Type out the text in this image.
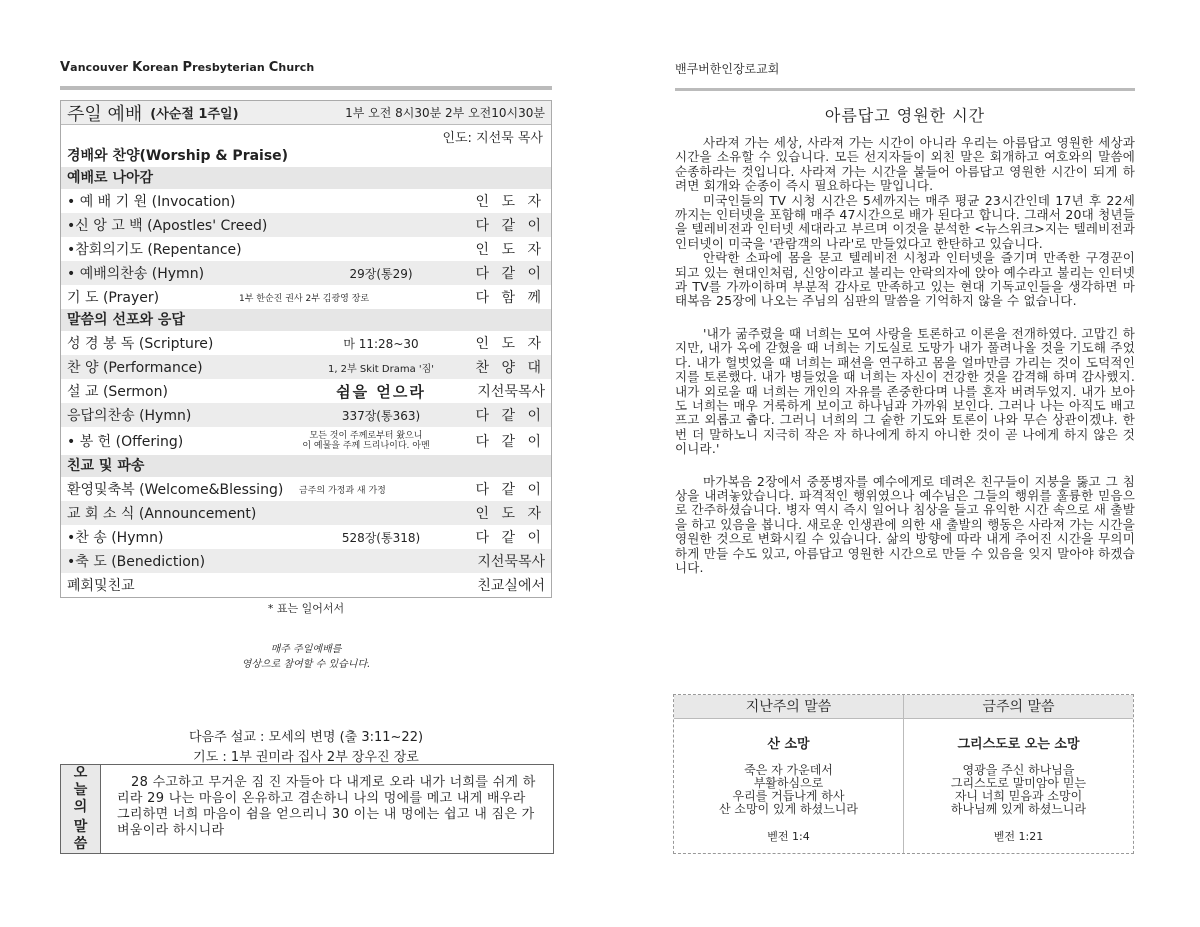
Vancouver Korean Presbyterian Church
주일 예배 (사순절 1주일)	1부 오전 8시30분 2부 오전10시30분
인도: 지선묵 목사
경배와 찬양(Worship & Praise)
예배로 나아감
• 예 배 기 원 (Invocation)	인 도 자
•신 앙 고 백 (Apostles' Creed)	다 같 이
•참회의기도 (Repentance)	인 도 자
• 예배의찬송 (Hymn)	29장(통29)	다 같 이
기 도 (Prayer)	1부 한순진 권사 2부 김광영 장로	다 함 께
말씀의 선포와 응답
성 경 봉 독 (Scripture)	마 11:28~30	인 도 자
찬 양 (Performance)	1, 2부 Skit Drama '짐'	찬 양 대
설 교 (Sermon)	쉼을 얻으라	지선묵목사
응답의찬송 (Hymn)	337장(통363)	다 같 이
• 봉 헌 (Offering)	모든 것이 주께로부터 왔으니
이 예물을 주께 드리나이다. 아멘	다 같 이
친교 및 파송
환영및축복 (Welcome&Blessing)	금주의 가정과 새 가정	다 같 이
교 회 소 식 (Announcement)	인 도 자
•찬 송 (Hymn)	528장(통318)	다 같 이
•축 도 (Benediction)	지선묵목사
폐회및친교	친교실에서
* 표는 일어서서
매주 주일예배를
영상으로 참여할 수 있습니다.
다음주 설교 : 모세의 변명 (출 3:11~22)
기도 : 1부 권미라 집사 2부 장우진 장로
오
늘
의
말
씀
28 수고하고 무거운 짐 진 자들아 다 내게로 오라 내가 너희를 쉬게 하리라 29 나는 마음이 온유하고 겸손하니 나의 멍에를 메고 내게 배우라 그리하면 너희 마음이 쉼을 얻으리니 30 이는 내 멍에는 쉽고 내 짐은 가벼움이라 하시니라
밴쿠버한인장로교회
아름답고 영원한 시간

사라져 가는 세상, 사라져 가는 시간이 아니라 우리는 아름답고 영원한 세상과 시간을 소유할 수 있습니다. 모든 선지자들이 외친 말은 회개하고 여호와의 말씀에 순종하라는 것입니다. 사라져 가는 시간을 붙들어 아름답고 영원한 시간이 되게 하려면 회개와 순종이 즉시 필요하다는 말입니다.

미국인들의 TV 시청 시간은 5세까지는 매주 평균 23시간인데 17년 후 22세까지는 인터넷을 포함해 매주 47시간으로 배가 된다고 합니다. 그래서 20대 청년들을 텔레비전과 인터넷 세대라고 부르며 이것을 분석한 <뉴스위크>지는 텔레비전과 인터넷이 미국을 '관람객의 나라'로 만들었다고 한탄하고 있습니다.

안락한 소파에 몸을 묻고 텔레비전 시청과 인터넷을 즐기며 만족한 구경꾼이 되고 있는 현대인처럼, 신앙이라고 불리는 안락의자에 앉아 예수라고 불리는 인터넷과 TV를 가까이하며 부분적 감사로 만족하고 있는 현대 기독교인들을 생각하면 마태복음 25장에 나오는 주님의 심판의 말씀을 기억하지 않을 수 없습니다.

'내가 굶주렸을 때 너희는 모여 사랑을 토론하고 이론을 전개하였다. 고맙긴 하지만, 내가 옥에 갇혔을 때 너희는 기도실로 도망가 내가 풀려나올 것을 기도해 주었다. 내가 헐벗었을 때 너희는 패션을 연구하고 몸을 얼마만큼 가리는 것이 도덕적인지를 토론했다. 내가 병들었을 때 너희는 자신이 건강한 것을 감격해 하며 감사했지. 내가 외로울 때 너희는 개인의 자유를 존중한다며 나를 혼자 버려두었지. 내가 보아도 너희는 매우 거룩하게 보이고 하나님과 가까워 보인다. 그러나 나는 아직도 배고프고 외롭고 춥다. 그러니 너희의 그 숱한 기도와 토론이 나와 무슨 상관이겠냐. 한 번 더 말하노니 지극히 작은 자 하나에게 하지 아니한 것이 곧 나에게 하지 않은 것이니라.'

마가복음 2장에서 중풍병자를 예수에게로 데려온 친구들이 지붕을 뚫고 그 침상을 내려놓았습니다. 파격적인 행위였으나 예수님은 그들의 행위를 훌륭한 믿음으로 간주하셨습니다. 병자 역시 즉시 일어나 침상을 들고 유익한 시간 속으로 새 출발을 하고 있음을 봅니다. 새로운 인생관에 의한 새 출발의 행동은 사라져 가는 시간을 영원한 것으로 변화시킬 수 있습니다. 삶의 방향에 따라 내게 주어진 시간을 무의미하게 만들 수도 있고, 아름답고 영원한 시간으로 만들 수 있음을 잊지 말아야 하겠습니다.

지난주의 말씀
산 소망
죽은 자 가운데서
부활하심으로
우리를 거듭나게 하사
산 소망이 있게 하셨느니라
벧전 1:4
금주의 말씀
그리스도로 오는 소망
영광을 주신 하나님을
그리스도로 말미암아 믿는
자니 너희 믿음과 소망이
하나님께 있게 하셨느니라
벧전 1:21
